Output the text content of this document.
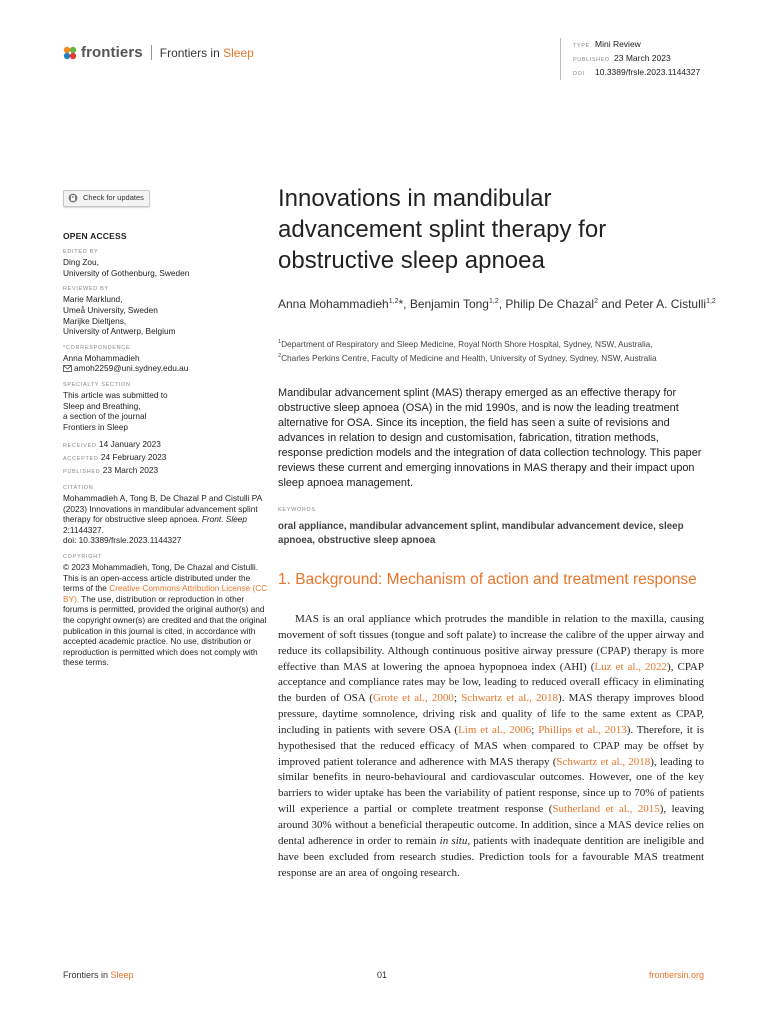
frontiers Frontiers in Sleep	TYPE Mini Review
PUBLISHED 23 March 2023
DOI 10.3389/frsle.2023.1144327
Check for updates
OPEN ACCESS
EDITED BY
Ding Zou,
University of Gothenburg, Sweden
REVIEWED BY
Marie Marklund,
Umeå University, Sweden
Marijke Dieltjens,
University of Antwerp, Belgium
*CORRESPONDENCE
Anna Mohammadieh
amoh2259@uni.sydney.edu.au
SPECIALTY SECTION
This article was submitted to
Sleep and Breathing,
a section of the journal
Frontiers in Sleep
RECEIVED 14 January 2023
ACCEPTED 24 February 2023
PUBLISHED 23 March 2023
CITATION
Mohammadieh A, Tong B, De Chazal P and Cistulli PA (2023) Innovations in mandibular advancement splint therapy for obstructive sleep apnoea. Front. Sleep 2:1144327.
doi: 10.3389/frsle.2023.1144327
COPYRIGHT
© 2023 Mohammadieh, Tong, De Chazal and Cistulli. This is an open-access article distributed under the terms of the Creative Commons Attribution License (CC BY). The use, distribution or reproduction in other forums is permitted, provided the original author(s) and the copyright owner(s) are credited and that the original publication in this journal is cited, in accordance with accepted academic practice. No use, distribution or reproduction is permitted which does not comply with these terms.
Innovations in mandibular advancement splint therapy for obstructive sleep apnoea
Anna Mohammadieh$^{1,2}$*, Benjamin Tong$^{1,2}$, Philip De Chazal$^2$ and Peter A. Cistulli$^{1,2}$
$^1$Department of Respiratory and Sleep Medicine, Royal North Shore Hospital, Sydney, NSW, Australia,
$^2$Charles Perkins Centre, Faculty of Medicine and Health, University of Sydney, Sydney, NSW, Australia

Mandibular advancement splint (MAS) therapy emerged as an effective therapy for obstructive sleep apnoea (OSA) in the mid 1990s, and is now the leading treatment alternative for OSA. Since its inception, the field has seen a suite of revisions and advances in relation to design and customisation, fabrication, titration methods, response prediction models and the integration of data collection technology. This paper reviews these current and emerging innovations in MAS therapy and their impact upon sleep apnoea management.

KEYWORDS

oral appliance, mandibular advancement splint, mandibular advancement device, sleep apnoea, obstructive sleep apnoea

1. Background: Mechanism of action and treatment response

MAS is an oral appliance which protrudes the mandible in relation to the maxilla, causing movement of soft tissues (tongue and soft palate) to increase the calibre of the upper airway and reduce its collapsibility. Although continuous positive airway pressure (CPAP) therapy is more effective than MAS at lowering the apnoea hypopnoea index (AHI) (Luz et al., 2022), CPAP acceptance and compliance rates may be low, leading to reduced overall efficacy in eliminating the burden of OSA (Grote et al., 2000; Schwartz et al., 2018). MAS therapy improves blood pressure, daytime somnolence, driving risk and quality of life to the same extent as CPAP, including in patients with severe OSA (Lim et al., 2006; Phillips et al., 2013). Therefore, it is hypothesised that the reduced efficacy of MAS when compared to CPAP may be offset by improved patient tolerance and adherence with MAS therapy (Schwartz et al., 2018), leading to similar benefits in neuro-behavioural and cardiovascular outcomes. However, one of the key barriers to wider uptake has been the variability of patient response, since up to 70% of patients will experience a partial or complete treatment response (Sutherland et al., 2015), leaving around 30% without a beneficial therapeutic outcome. In addition, since a MAS device relies on dental adherence in order to remain in situ, patients with inadequate dentition are ineligible and have been excluded from research studies. Prediction tools for a favourable MAS treatment response are an area of ongoing research.

Frontiers in Sleep	01	frontiersin.org
